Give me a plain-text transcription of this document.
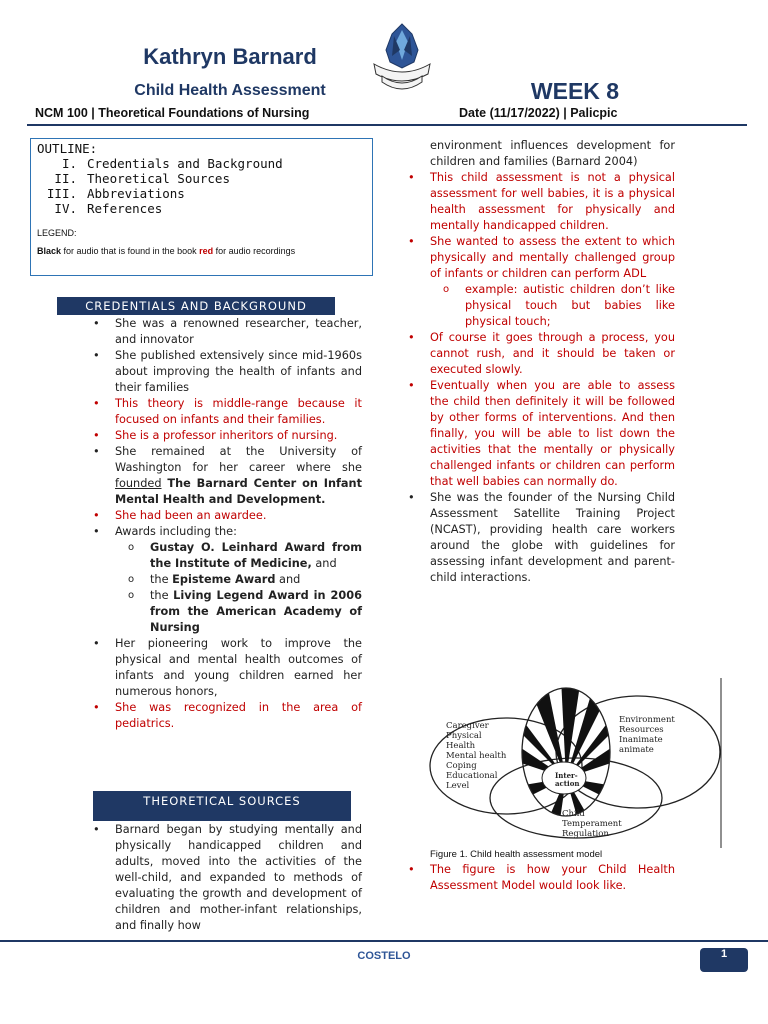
Kathryn Barnard
Child Health Assessment	WEEK 8
NCM 100 | Theoretical Foundations of Nursing	Date (11/17/2022) | Palicpic
OUTLINE:
I. Credentials and Background
II. Theoretical Sources
III. Abbreviations
IV. References
LEGEND:
Black for audio that is found in the book red for audio recordings
CREDENTIALS AND BACKGROUND
THEORETICAL SOURCES
• She was a renowned researcher, teacher, and innovator
• She published extensively since mid-1960s about improving the health of infants and their families
• This theory is middle-range because it focused on infants and their families.
• She is a professor inheritors of nursing.
• She remained at the University of Washington for her career where she founded The Barnard Center on Infant Mental Health and Development.
• She had been an awardee.
• Awards including the:
o Gustay O. Leinhard Award from the Institute of Medicine, and
o the Episteme Award and
o the Living Legend Award in 2006 from the American Academy of Nursing
• Her pioneering work to improve the physical and mental health outcomes of infants and young children earned her numerous honors,
• She was recognized in the area of pediatrics.
• Barnard began by studying mentally and physically handicapped children and adults, moved into the activities of the well-child, and expanded to methods of evaluating the growth and development of children and mother-infant relationships, and finally how
environment influences development for children and families (Barnard 2004)
• This child assessment is not a physical assessment for well babies, it is a physical health assessment for physically and mentally handicapped children.
• She wanted to assess the extent to which physically and mentally challenged group of infants or children can perform ADL
o example: autistic children don’t like physical touch but babies like physical touch;
• Of course it goes through a process, you cannot rush, and it should be taken or executed slowly.
• Eventually when you are able to assess the child then definitely it will be followed by other forms of interventions. And then finally, you will be able to list down the activities that the mentally or physically challenged infants or children can perform that well babies can normally do.
• She was the founder of the Nursing Child Assessment Satellite Training Project (NCAST), providing health care workers around the globe with guidelines for assessing infant development and parent-child interactions.
Caregiver
Physical
Health
Mental health
Coping
Educational
Level
Environment
Resources
Inanimate
animate
Child
Temperament
Regulation
Inter-
action
Figure 1. Child health assessment model
• The figure is how your Child Health Assessment Model would look like.
COSTELO	1
